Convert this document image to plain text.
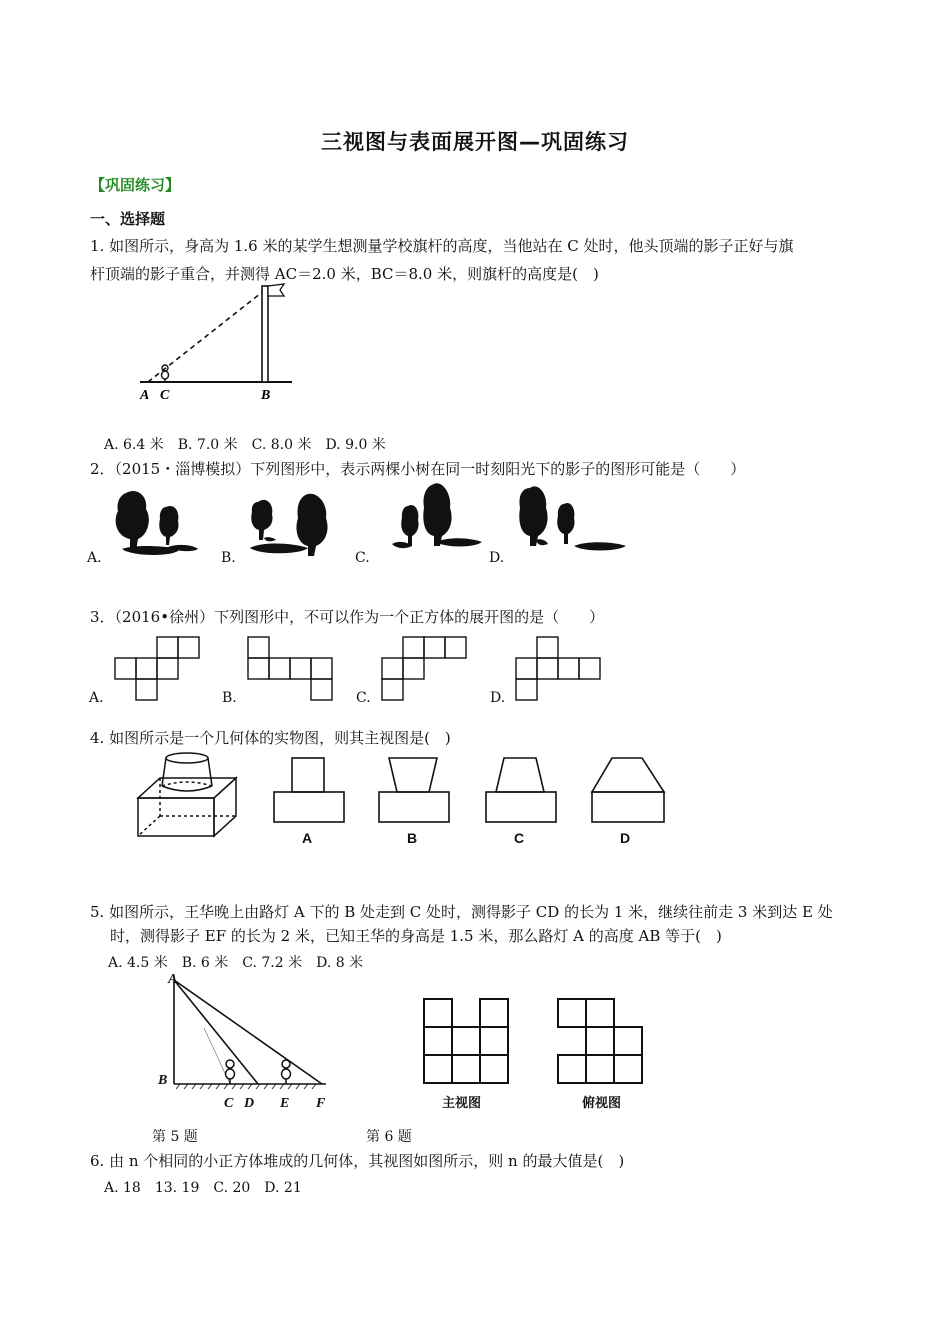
三视图与表面展开图—巩固练习
【巩固练习】
一、选择题
1. 如图所示，身高为 1.6 米的某学生想测量学校旗杆的高度，当他站在 C 处时，他头顶端的影子正好与旗
杆顶端的影子重合，并测得 AC＝2.0 米，BC＝8.0 米，则旗杆的高度是(　)
A C	B
A. 6.4 米　B. 7.0 米　C. 8.0 米　D. 9.0 米
2．（2015・淄博模拟）下列图形中，表示两棵小树在同一时刻阳光下的影子的图形可能是（　　）
A.	B.	C.	D.
3．（2016•徐州）下列图形中，不可以作为一个正方体的展开图的是（　　）
A.	B.	C.	D.
4. 如图所示是一个几何体的实物图，则其主视图是(　)
A	B	C	D
5. 如图所示，王华晚上由路灯 A 下的 B 处走到 C 处时，测得影子 CD 的长为 1 米，继续往前走 3 米到达 E 处
时，测得影子 EF 的长为 2 米，已知王华的身高是 1.5 米，那么路灯 A 的高度 AB 等于(　)
A. 4.5 米　B. 6 米　C. 7.2 米　D. 8 米
A
B
C D E F
第 5 题
主视图	俯视图
第 6 题
6. 由 n 个相同的小正方体堆成的几何体，其视图如图所示，则 n 的最大值是(　)
A. 18　13. 19　C. 20　D. 21
